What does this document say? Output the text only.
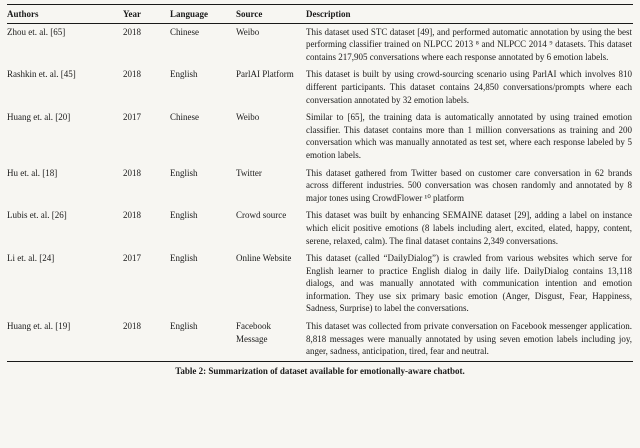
Authors	Year	Language	Source	Description
Zhou et. al. [65]	2018	Chinese	Weibo	This dataset used STC dataset [49], and performed automatic annotation by using the best performing classifier trained on NLPCC 2013 ⁸ and NLPCC 2014 ⁹ datasets. This dataset contains 217,905 conversations where each response annotated by 6 emotion labels.
Rashkin et. al. [45]	2018	English	ParlAI Platform	This dataset is built by using crowd-sourcing scenario using ParlAI which involves 810 different participants. This dataset contains 24,850 conversations/prompts where each conversation annotated by 32 emotion labels.
Huang et. al. [20]	2017	Chinese	Weibo	Similar to [65], the training data is automatically annotated by using trained emotion classifier. This dataset contains more than 1 million conversations as training and 200 conversation which was manually annotated as test set, where each response labeled by 5 emotion labels.
Hu et. al. [18]	2018	English	Twitter	This dataset gathered from Twitter based on customer care conversation in 62 brands across different industries. 500 conversation was chosen randomly and annotated by 8 major tones using CrowdFlower ¹⁰ platform
Lubis et. al. [26]	2018	English	Crowd source	This dataset was built by enhancing SEMAINE dataset [29], adding a label on instance which elicit positive emotions (8 labels including alert, excited, elated, happy, content, serene, relaxed, calm). The final dataset contains 2,349 conversations.
Li et. al. [24]	2017	English	Online Website	This dataset (called “DailyDialog”) is crawled from various websites which serve for English learner to practice English dialog in daily life. DailyDialog contains 13,118 dialogs, and was manually annotated with communication intention and emotion information. They use six primary basic emotion (Anger, Disgust, Fear, Happiness, Sadness, Surprise) to label the conversations.
Huang et. al. [19]	2018	English	Facebook Message	This dataset was collected from private conversation on Facebook messenger application. 8,818 messages were manually annotated by using seven emotion labels including joy, anger, sadness, anticipation, tired, fear and neutral.
Table 2: Summarization of dataset available for emotionally-aware chatbot.
